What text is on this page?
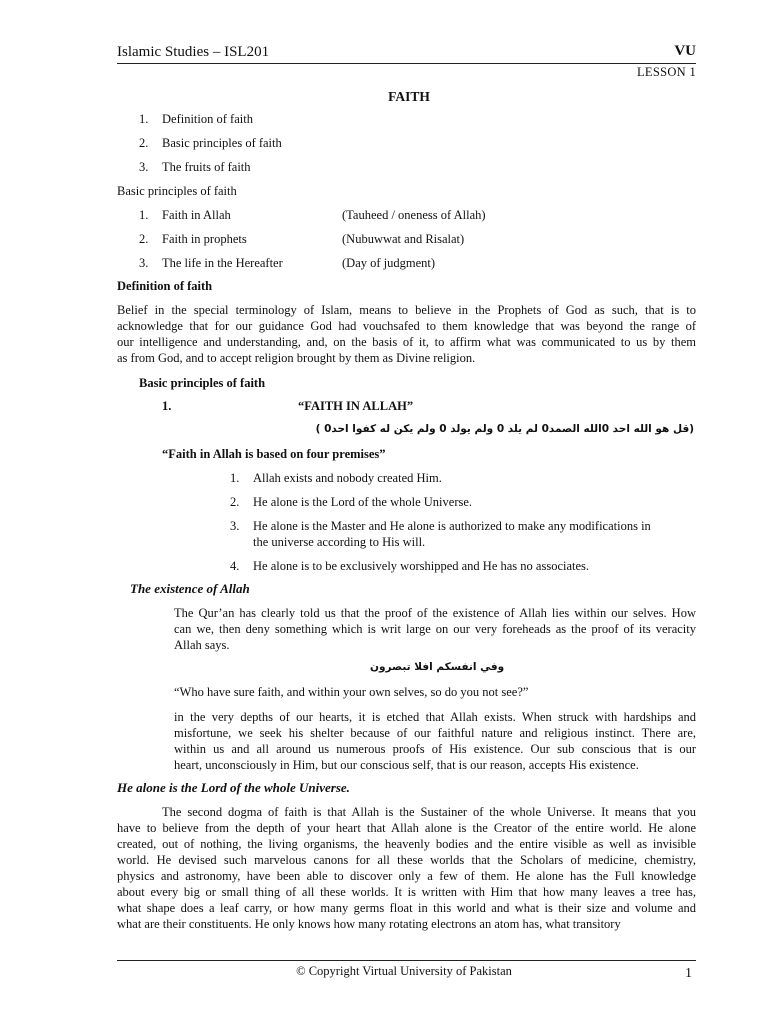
Islamic Studies – ISL201	VU
LESSON 1
FAITH
1. Definition of faith
2. Basic principles of faith
3. The fruits of faith
Basic principles of faith
1. Faith in Allah	(Tauheed / oneness of Allah)
2. Faith in prophets	(Nubuwwat and Risalat)
3. The life in the Hereafter	(Day of judgment)
Definition of faith
Belief in the special terminology of Islam, means to believe in the Prophets of God as such, that is to
acknowledge that for our guidance God had vouchsafed to them knowledge that was beyond the range of
our intelligence and understanding, and, on the basis of it, to affirm what was communicated to us by them
as from God, and to accept religion brought by them as Divine religion.
Basic principles of faith
1.	“FAITH IN ALLAH”
(قل هو الله احد 0الله الصمد0 لم يلد 0 ولم يولد 0 ولم يكن له كفوا احد0 )
“Faith in Allah is based on four premises”
1. Allah exists and nobody created Him.
2. He alone is the Lord of the whole Universe.
3. He alone is the Master and He alone is authorized to make any modifications in
the universe according to His will.
4. He alone is to be exclusively worshipped and He has no associates.
The existence of Allah
The Qur’an has clearly told us that the proof of the existence of Allah lies within our selves. How
can we, then deny something which is writ large on our very foreheads as the proof of its veracity
Allah says.
وفي انفسكم افلا تبصرون
“Who have sure faith, and within your own selves, so do you not see?”
in the very depths of our hearts, it is etched that Allah exists. When struck with hardships and
misfortune, we seek his shelter because of our faithful nature and religious instinct. There are,
within us and all around us numerous proofs of His existence. Our sub conscious that is our
heart, unconsciously in Him, but our conscious self, that is our reason, accepts His existence.
He alone is the Lord of the whole Universe.
The second dogma of faith is that Allah is the Sustainer of the whole Universe. It means that you
have to believe from the depth of your heart that Allah alone is the Creator of the entire world. He alone
created, out of nothing, the living organisms, the heavenly bodies and the entire visible as well as invisible
world. He devised such marvelous canons for all these worlds that the Scholars of medicine, chemistry,
physics and astronomy, have been able to discover only a few of them. He alone has the Full knowledge
about every big or small thing of all these worlds. It is written with Him that how many leaves a tree has,
what shape does a leaf carry, or how many germs float in this world and what is their size and volume and
what are their constituents. He only knows how many rotating electrons an atom has, what transitory
© Copyright Virtual University of Pakistan	1
